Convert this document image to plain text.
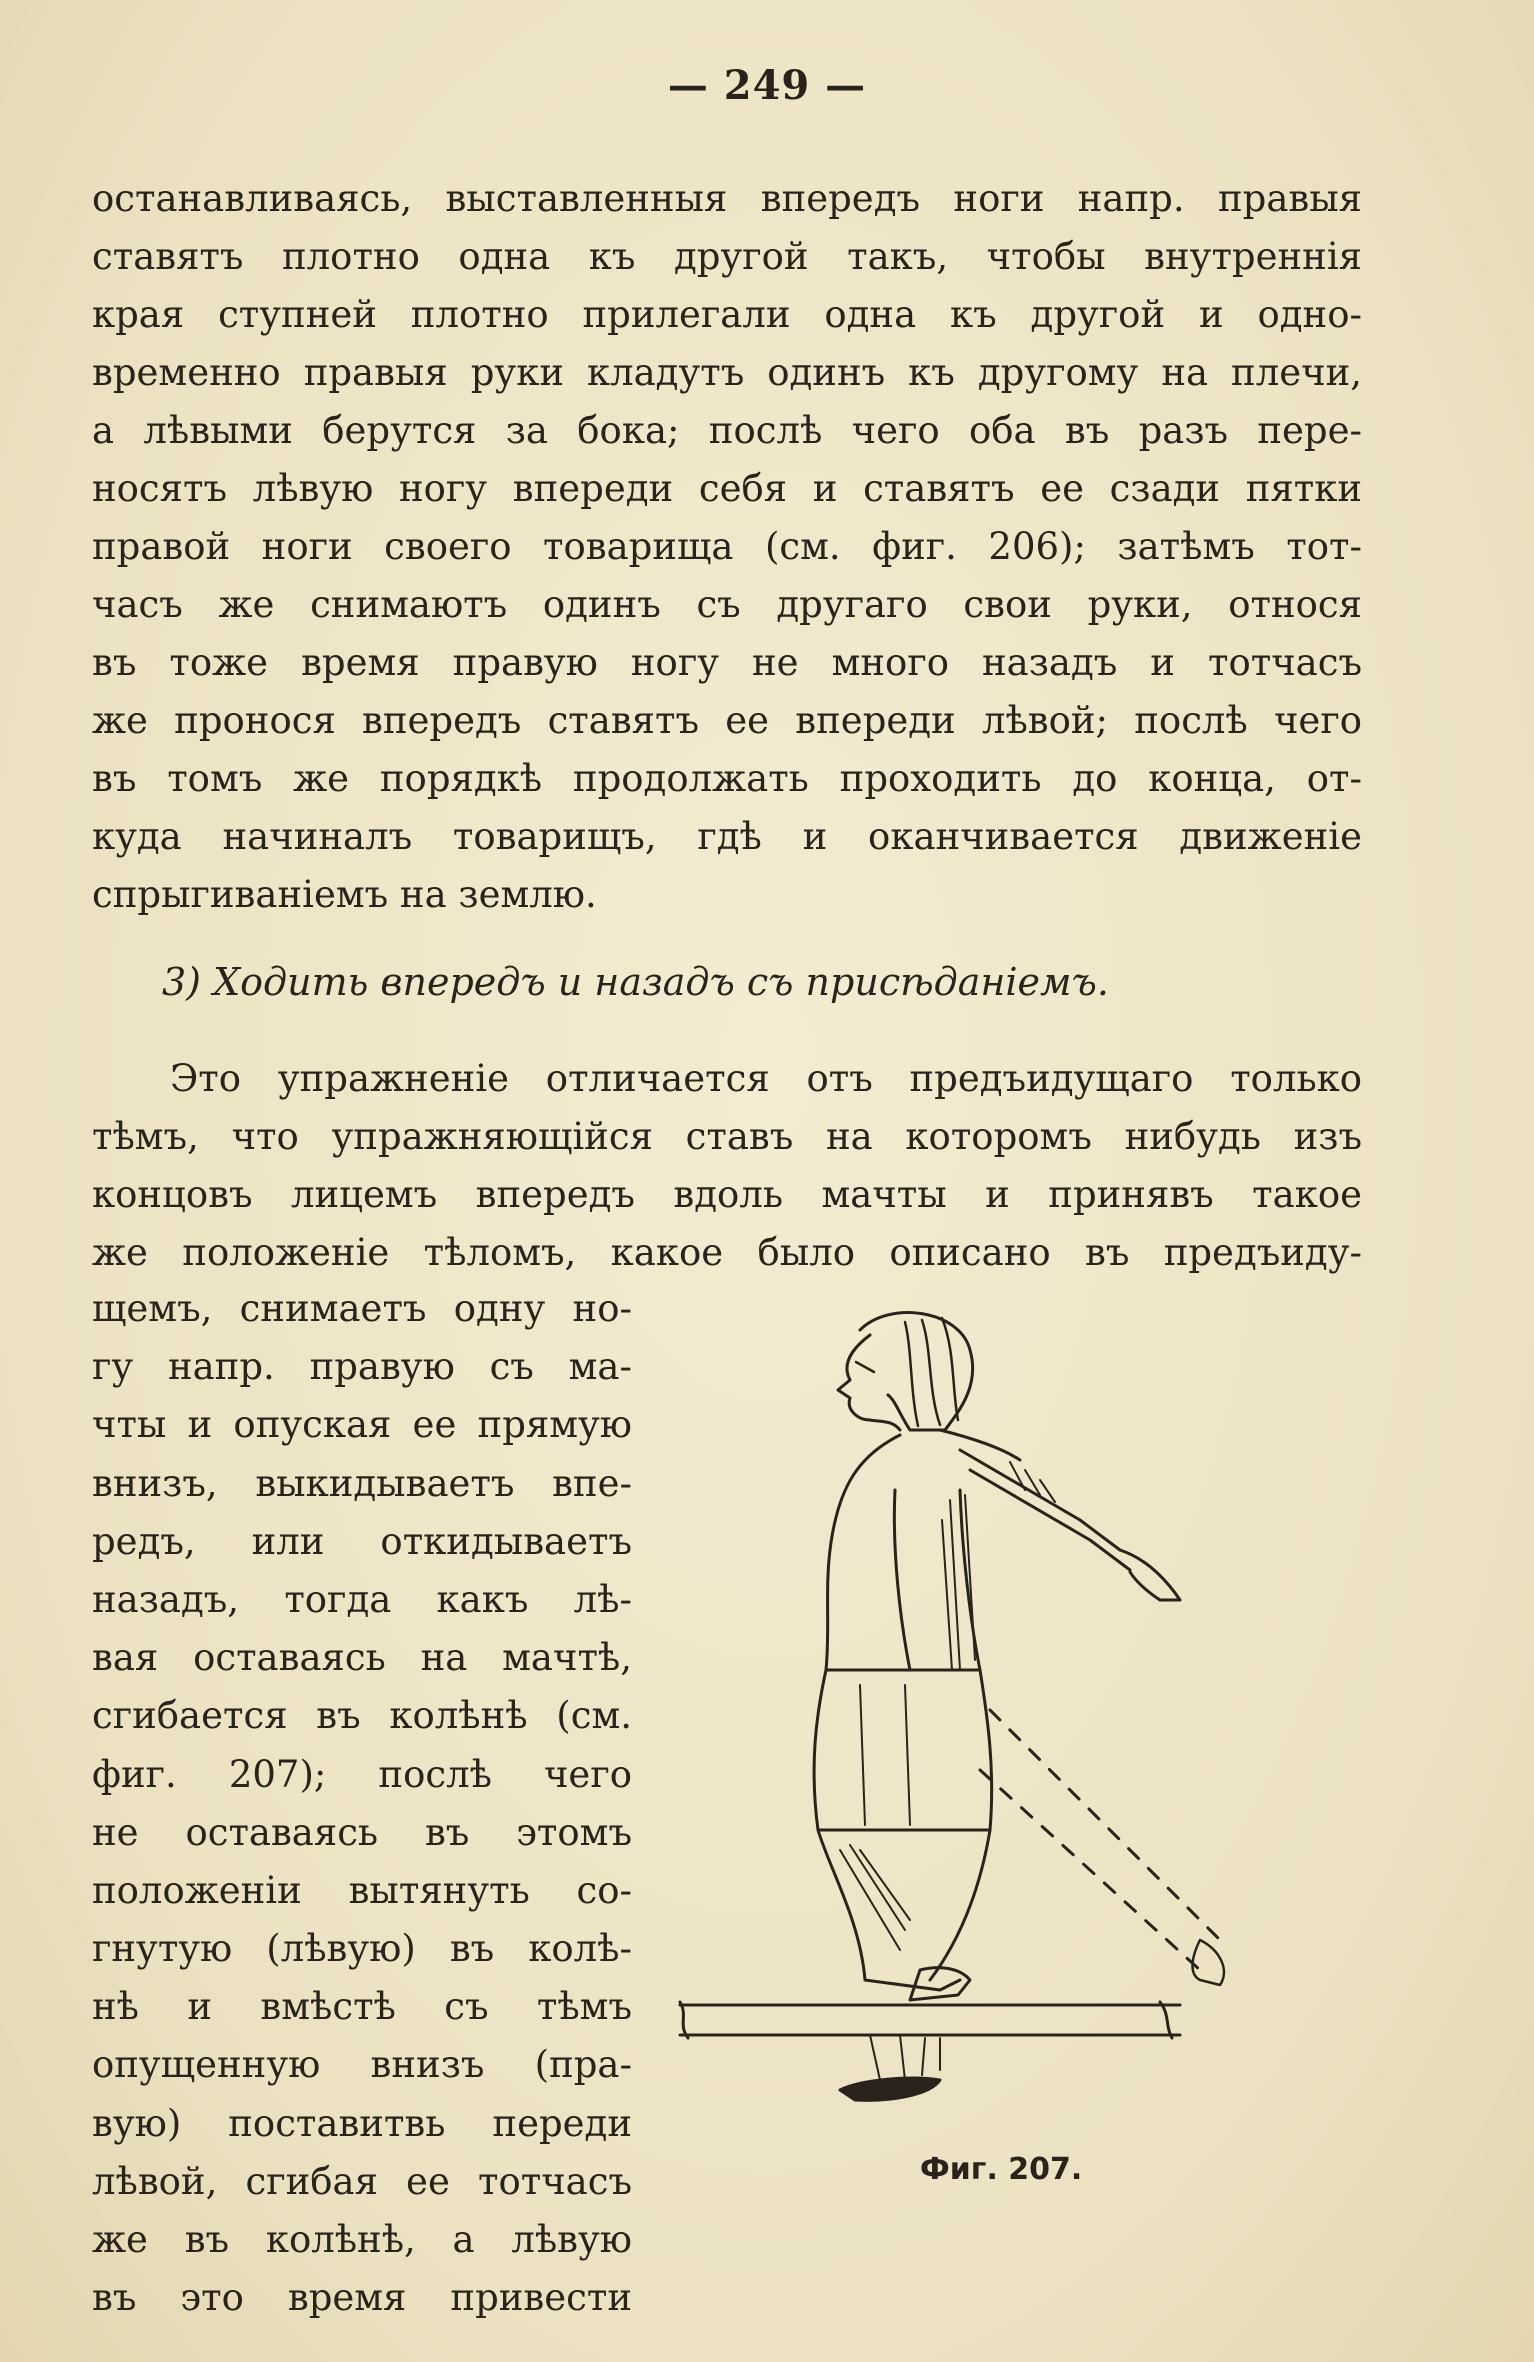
— 249 —
останавливаясь, выставленныя впередъ ноги напр. правыя
ставятъ плотно одна къ другой такъ, чтобы внутреннія
края ступней плотно прилегали одна къ другой и одно-
временно правыя руки кладутъ одинъ къ другому на плечи,
а лѣвыми берутся за бока; послѣ чего оба въ разъ пере-
носятъ лѣвую ногу впереди себя и ставятъ ее сзади пятки
правой ноги своего товарища (см. фиг. 206); затѣмъ тот-
часъ же снимаютъ одинъ съ другаго свои руки, относя
въ тоже время правую ногу не много назадъ и тотчасъ
же пронося впередъ ставятъ ее впереди лѣвой; послѣ чего
въ томъ же порядкѣ продолжать проходить до конца, от-
куда начиналъ товарищъ, гдѣ и оканчивается движеніе
спрыгиваніемъ на землю.
3) Ходить впередъ и назадъ съ присѣданіемъ.
Это упражненіе отличается отъ предъидущаго только
тѣмъ, что упражняющійся ставъ на которомъ нибудь изъ
концовъ лицемъ впередъ вдоль мачты и принявъ такое
же положеніе тѣломъ, какое было описано въ предъиду-
щемъ, снимаетъ одну но-
гу напр. правую съ ма-
чты и опуская ее прямую
внизъ, выкидываетъ впе-
редъ, или откидываетъ
назадъ, тогда какъ лѣ-
вая оставаясь на мачтѣ,
сгибается въ колѣнѣ (см.
фиг. 207); послѣ чего
не оставаясь въ этомъ
положеніи вытянуть со-
гнутую (лѣвую) въ колѣ-
нѣ и вмѣстѣ съ тѣмъ
опущенную внизъ (пра-
вую) поставитвь переди
лѣвой, сгибая ее тотчасъ
же въ колѣнѣ, а лѣвую
въ это время привести
Фиг. 207.
